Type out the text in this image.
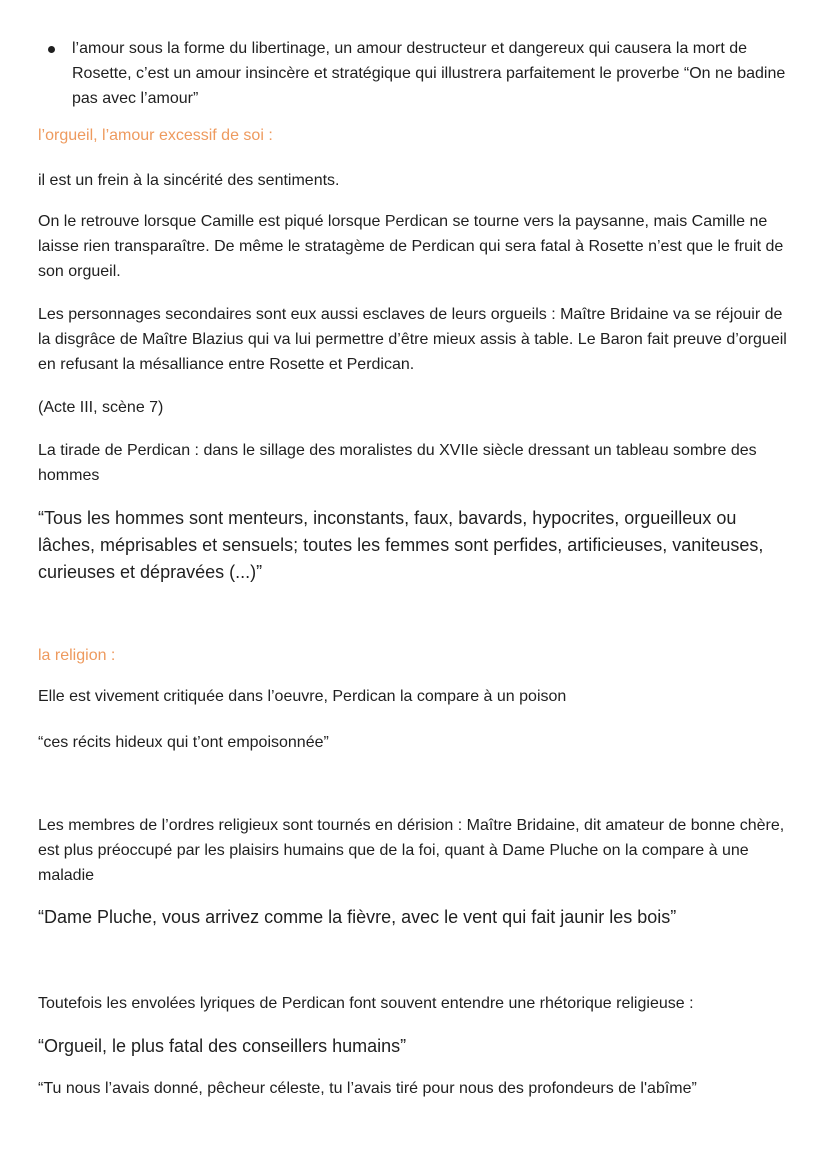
l’amour sous la forme du libertinage, un amour destructeur et dangereux qui causera la mort de Rosette, c’est un amour insincère et stratégique qui illustrera parfaitement le proverbe “On ne badine pas avec l’amour”

l’orgueil, l’amour excessif de soi :

il est un frein à la sincérité des sentiments.

On le retrouve lorsque Camille est piqué lorsque Perdican se tourne vers la paysanne, mais Camille ne laisse rien transparaître. De même le stratagème de Perdican qui sera fatal à Rosette n’est que le fruit de son orgueil.

Les personnages secondaires sont eux aussi esclaves de leurs orgueils : Maître Bridaine va se réjouir de la disgrâce de Maître Blazius qui va lui permettre d’être mieux assis à table. Le Baron fait preuve d’orgueil en refusant la mésalliance entre Rosette et Perdican.

(Acte III, scène 7)

La tirade de Perdican : dans le sillage des moralistes du XVIIe siècle dressant un tableau sombre des hommes

“Tous les hommes sont menteurs, inconstants, faux, bavards, hypocrites, orgueilleux ou lâches, méprisables et sensuels; toutes les femmes sont perfides, artificieuses, vaniteuses, curieuses et dépravées (...)”

la religion :

Elle est vivement critiquée dans l’oeuvre, Perdican la compare à un poison

“ces récits hideux qui t’ont empoisonnée”

Les membres de l’ordres religieux sont tournés en dérision : Maître Bridaine, dit amateur de bonne chère, est plus préoccupé par les plaisirs humains que de la foi, quant à Dame Pluche on la compare à une maladie

“Dame Pluche, vous arrivez comme la fièvre, avec le vent qui fait jaunir les bois”

Toutefois les envolées lyriques de Perdican font souvent entendre une rhétorique religieuse :

“Orgueil, le plus fatal des conseillers humains”

“Tu nous l’avais donné, pêcheur céleste, tu l’avais tiré pour nous des profondeurs de l'abîme”
